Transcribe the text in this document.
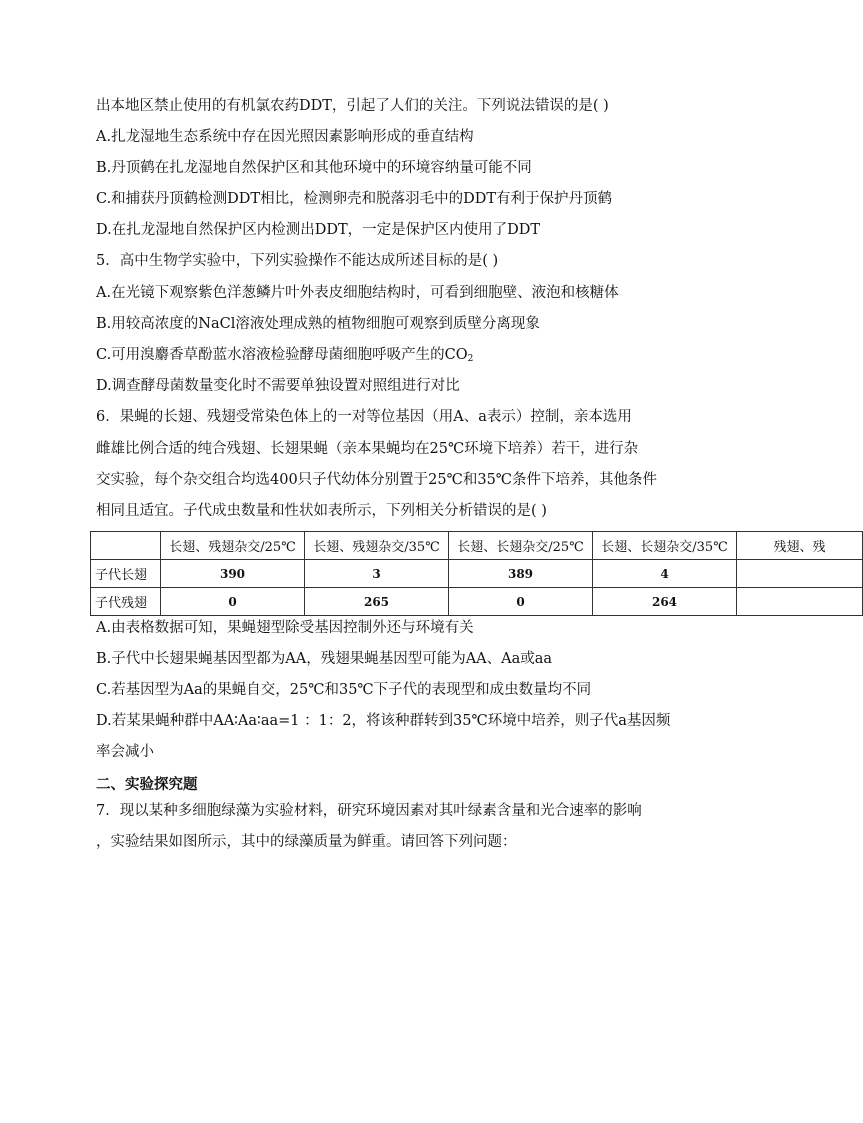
出本地区禁止使用的有机氯农药DDT，引起了人们的关注。下列说法错误的是( )

A.扎龙湿地生态系统中存在因光照因素影响形成的垂直结构

B.丹顶鹤在扎龙湿地自然保护区和其他环境中的环境容纳量可能不同

C.和捕获丹顶鹤检测DDT相比，检测卵壳和脱落羽毛中的DDT有利于保护丹顶鹤

D.在扎龙湿地自然保护区内检测出DDT，一定是保护区内使用了DDT

5．高中生物学实验中，下列实验操作不能达成所述目标的是( )

A.在光镜下观察紫色洋葱鳞片叶外表皮细胞结构时，可看到细胞壁、液泡和核糖体

B.用较高浓度的NaCl溶液处理成熟的植物细胞可观察到质壁分离现象

C.可用溴麝香草酚蓝水溶液检验酵母菌细胞呼吸产生的$CO_2$

D.调查酵母菌数量变化时不需要单独设置对照组进行对比

6．果蝇的长翅、残翅受常染色体上的一对等位基因（用A、a表示）控制，亲本选用

雌雄比例合适的纯合残翅、长翅果蝇（亲本果蝇均在25℃环境下培养）若干，进行杂

交实验，每个杂交组合均选400只子代幼体分别置于25℃和35℃条件下培养，其他条件

相同且适宜。子代成虫数量和性状如表所示，下列相关分析错误的是( )

	长翅、残翅杂交/25℃	长翅、残翅杂交/35℃	长翅、长翅杂交/25℃	长翅、长翅杂交/35℃	残翅、残
子代长翅	390	3	389	4	
子代残翅	0	265	0	264	

A.由表格数据可知，果蝇翅型除受基因控制外还与环境有关

B.子代中长翅果蝇基因型都为AA，残翅果蝇基因型可能为AA、Aa或aa

C.若基因型为Aa的果蝇自交，25℃和35℃下子代的表现型和成虫数量均不同

D.若某果蝇种群中AA∶Aa∶aa=1 ：1：2，将该种群转到35℃环境中培养，则子代a基因频

率会减小

二、实验探究题

7．现以某种多细胞绿藻为实验材料，研究环境因素对其叶绿素含量和光合速率的影响

，实验结果如图所示，其中的绿藻质量为鲜重。请回答下列问题：
